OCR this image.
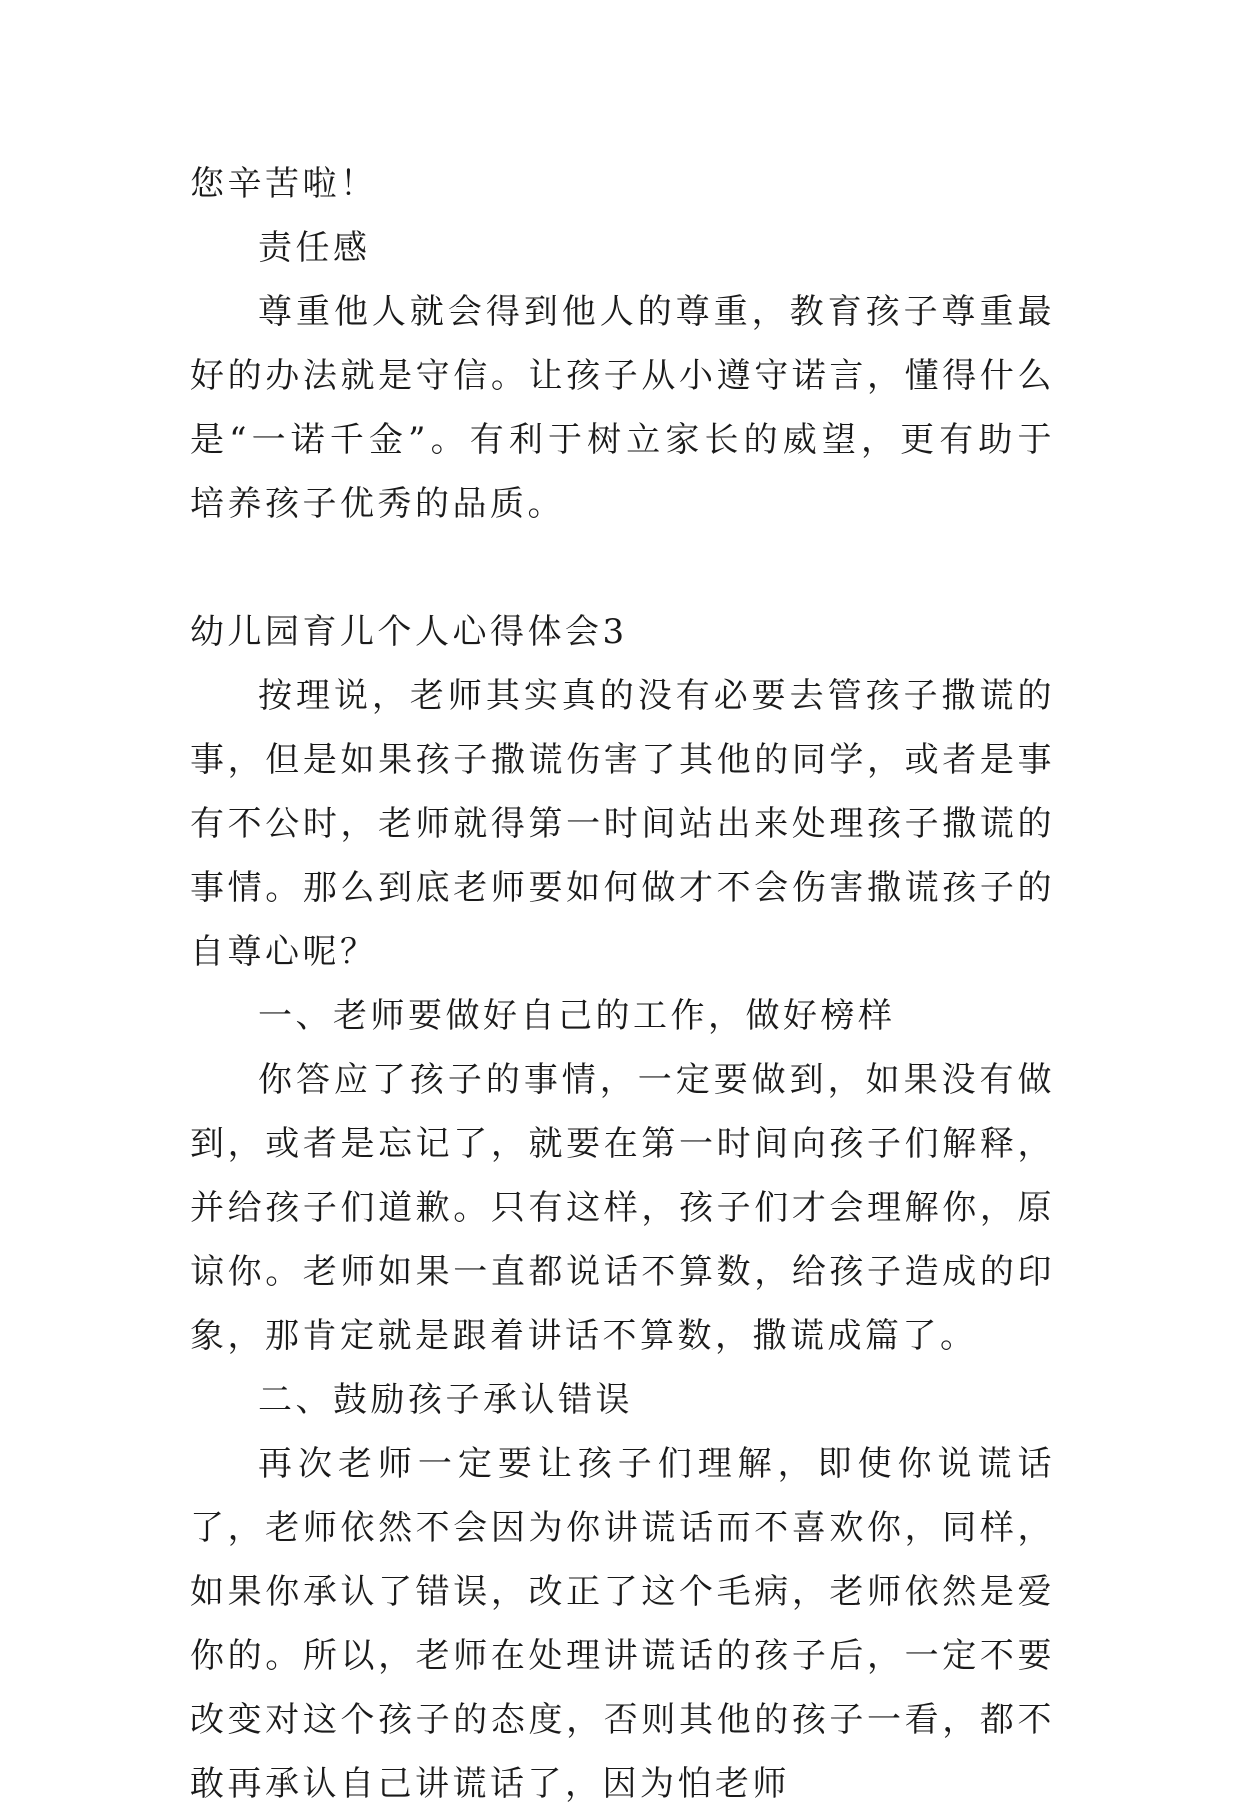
您辛苦啦！

责任感

尊重他人就会得到他人的尊重，教育孩子尊重最好的办法就是守信。让孩子从小遵守诺言，懂得什么是“一诺千金”。有利于树立家长的威望，更有助于培养孩子优秀的品质。

幼儿园育儿个人心得体会3

按理说，老师其实真的没有必要去管孩子撒谎的事，但是如果孩子撒谎伤害了其他的同学，或者是事有不公时，老师就得第一时间站出来处理孩子撒谎的事情。那么到底老师要如何做才不会伤害撒谎孩子的自尊心呢？

一、老师要做好自己的工作，做好榜样

你答应了孩子的事情，一定要做到，如果没有做到，或者是忘记了，就要在第一时间向孩子们解释，并给孩子们道歉。只有这样，孩子们才会理解你，原谅你。老师如果一直都说话不算数，给孩子造成的印象，那肯定就是跟着讲话不算数，撒谎成篇了。

二、鼓励孩子承认错误

再次老师一定要让孩子们理解，即使你说谎话了，老师依然不会因为你讲谎话而不喜欢你，同样，如果你承认了错误，改正了这个毛病，老师依然是爱你的。所以，老师在处理讲谎话的孩子后，一定不要改变对这个孩子的态度，否则其他的孩子一看，都不敢再承认自己讲谎话了，因为怕老师
